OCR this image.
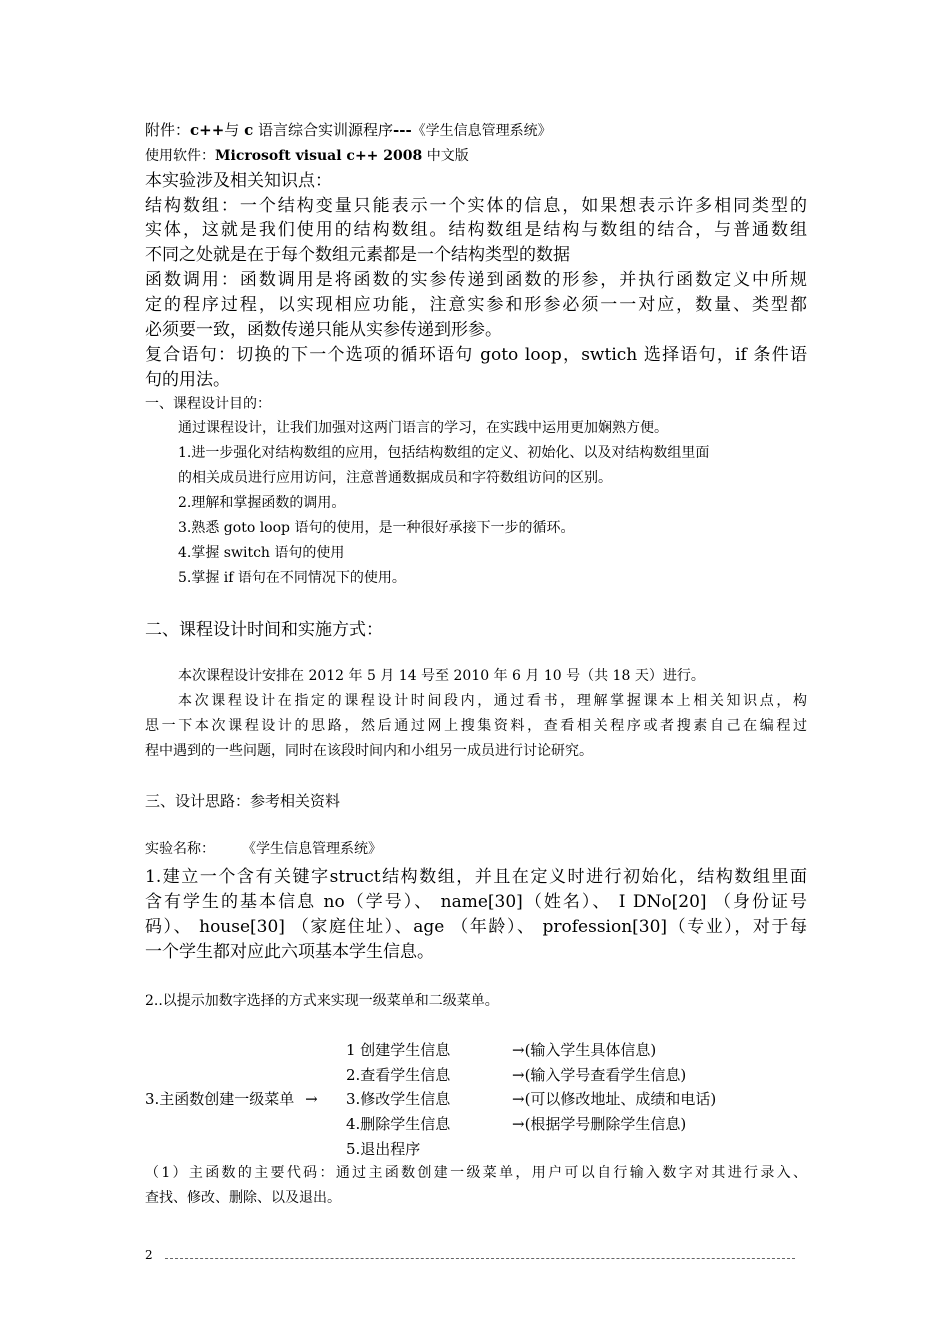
附件：c++与 c 语言综合实训源程序---《学生信息管理系统》
使用软件：Microsoft visual c++ 2008 中文版
本实验涉及相关知识点：
结构数组：一个结构变量只能表示一个实体的信息，如果想表示许多相同类型的
实体，这就是我们使用的结构数组。结构数组是结构与数组的结合，与普通数组
不同之处就是在于每个数组元素都是一个结构类型的数据
函数调用：函数调用是将函数的实参传递到函数的形参，并执行函数定义中所规
定的程序过程，以实现相应功能，注意实参和形参必须一一对应，数量、类型都
必须要一致，函数传递只能从实参传递到形参。
复合语句：切换的下一个选项的循环语句 goto loop，swtich 选择语句，if 条件语
句的用法。
一、课程设计目的：
通过课程设计，让我们加强对这两门语言的学习，在实践中运用更加娴熟方便。
1.进一步强化对结构数组的应用，包括结构数组的定义、初始化、以及对结构数组里面
的相关成员进行应用访问，注意普通数据成员和字符数组访问的区别。
2.理解和掌握函数的调用。
3.熟悉 goto loop 语句的使用，是一种很好承接下一步的循环。
4.掌握 switch 语句的使用
5.掌握 if 语句在不同情况下的使用。
二、课程设计时间和实施方式：
本次课程设计安排在 2012 年 5 月 14 号至 2010 年 6 月 10 号（共 18 天）进行。
本次课程设计在指定的课程设计时间段内，通过看书，理解掌握课本上相关知识点，构
思一下本次课程设计的思路，然后通过网上搜集资料，查看相关程序或者搜素自己在编程过
程中遇到的一些问题，同时在该段时间内和小组另一成员进行讨论研究。
三、设计思路：参考相关资料
实验名称： 《学生信息管理系统》
1.建立一个含有关键字struct结构数组，并且在定义时进行初始化，结构数组里面
含有学生的基本信息 no（学号）、 name[30]（姓名）、 I DNo[20] （身份证号
码）、 house[30] （家庭住址）、age （年龄）、 profession[30]（专业），对于每
一个学生都对应此六项基本学生信息。
2..以提示加数字选择的方式来实现一级菜单和二级菜单。
3.主函数创建一级菜单 →
1 创建学生信息
2.查看学生信息
3.修改学生信息
4.删除学生信息
5.退出程序
→(输入学生具体信息)
→(输入学号查看学生信息)
→(可以修改地址、成绩和电话)
→(根据学号删除学生信息)
（1）主函数的主要代码：通过主函数创建一级菜单，用户可以自行输入数字对其进行录入、
查找、修改、删除、以及退出。
2
